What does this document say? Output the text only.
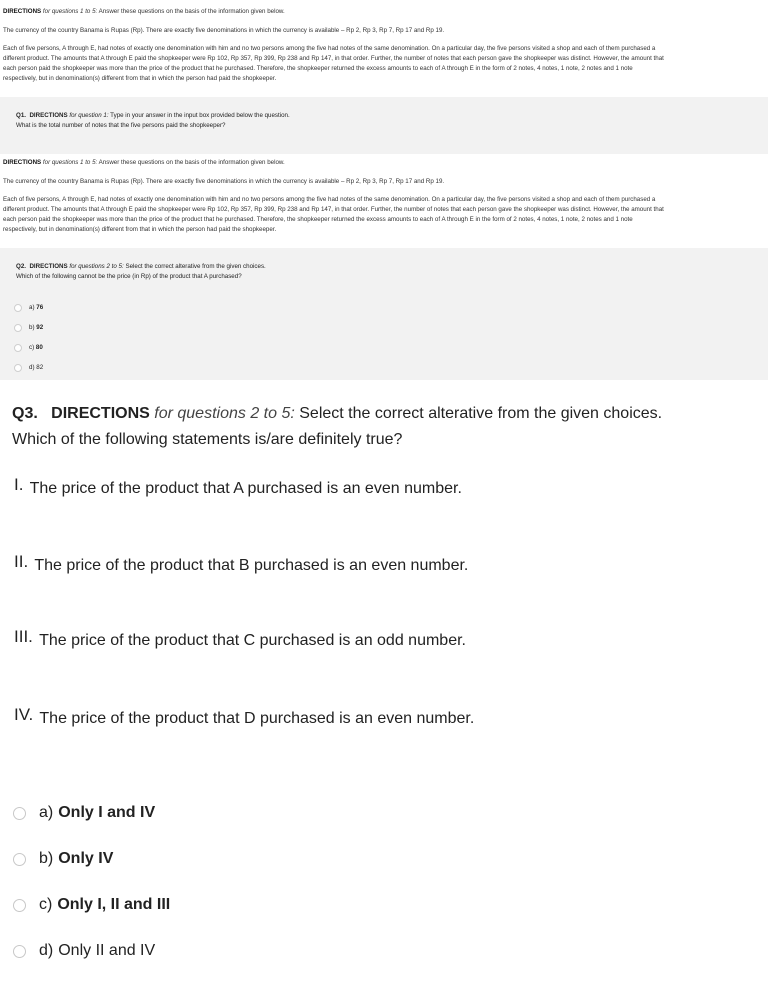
DIRECTIONS for questions 1 to 5: Answer these questions on the basis of the information given below.
The currency of the country Banama is Rupas (Rp). There are exactly five denominations in which the currency is available – Rp 2, Rp 3, Rp 7, Rp 17 and Rp 19.
Each of five persons, A through E, had notes of exactly one denomination with him and no two persons among the five had notes of the same denomination. On a particular day, the five persons visited a shop and each of them purchased a
different product. The amounts that A through E paid the shopkeeper were Rp 102, Rp 357, Rp 399, Rp 238 and Rp 147, in that order. Further, the number of notes that each person gave the shopkeeper was distinct. However, the amount that
each person paid the shopkeeper was more than the price of the product that he purchased. Therefore, the shopkeeper returned the excess amounts to each of A through E in the form of 2 notes, 4 notes, 1 note, 2 notes and 1 note
respectively, but in denomination(s) different from that in which the person had paid the shopkeeper.
Q1. DIRECTIONS for question 1: Type in your answer in the input box provided below the question.
What is the total number of notes that the five persons paid the shopkeeper?
DIRECTIONS for questions 1 to 5: Answer these questions on the basis of the information given below.
The currency of the country Banama is Rupas (Rp). There are exactly five denominations in which the currency is available – Rp 2, Rp 3, Rp 7, Rp 17 and Rp 19.
Each of five persons, A through E, had notes of exactly one denomination with him and no two persons among the five had notes of the same denomination. On a particular day, the five persons visited a shop and each of them purchased a
different product. The amounts that A through E paid the shopkeeper were Rp 102, Rp 357, Rp 399, Rp 238 and Rp 147, in that order. Further, the number of notes that each person gave the shopkeeper was distinct. However, the amount that
each person paid the shopkeeper was more than the price of the product that he purchased. Therefore, the shopkeeper returned the excess amounts to each of A through E in the form of 2 notes, 4 notes, 1 note, 2 notes and 1 note
respectively, but in denomination(s) different from that in which the person had paid the shopkeeper.
Q2. DIRECTIONS for questions 2 to 5: Select the correct alterative from the given choices.
Which of the following cannot be the price (in Rp) of the product that A purchased?
a)
76
b)
92
c)
80
d)
82
Q3. DIRECTIONS for questions 2 to 5: Select the correct alterative from the given choices.
Which of the following statements is/are definitely true?
I. The price of the product that A purchased is an even number.
II. The price of the product that B purchased is an even number.
III. The price of the product that C purchased is an odd number.
IV. The price of the product that D purchased is an even number.
a) Only I and IV
b) Only IV
c) Only I, II and III
d) Only II and IV
